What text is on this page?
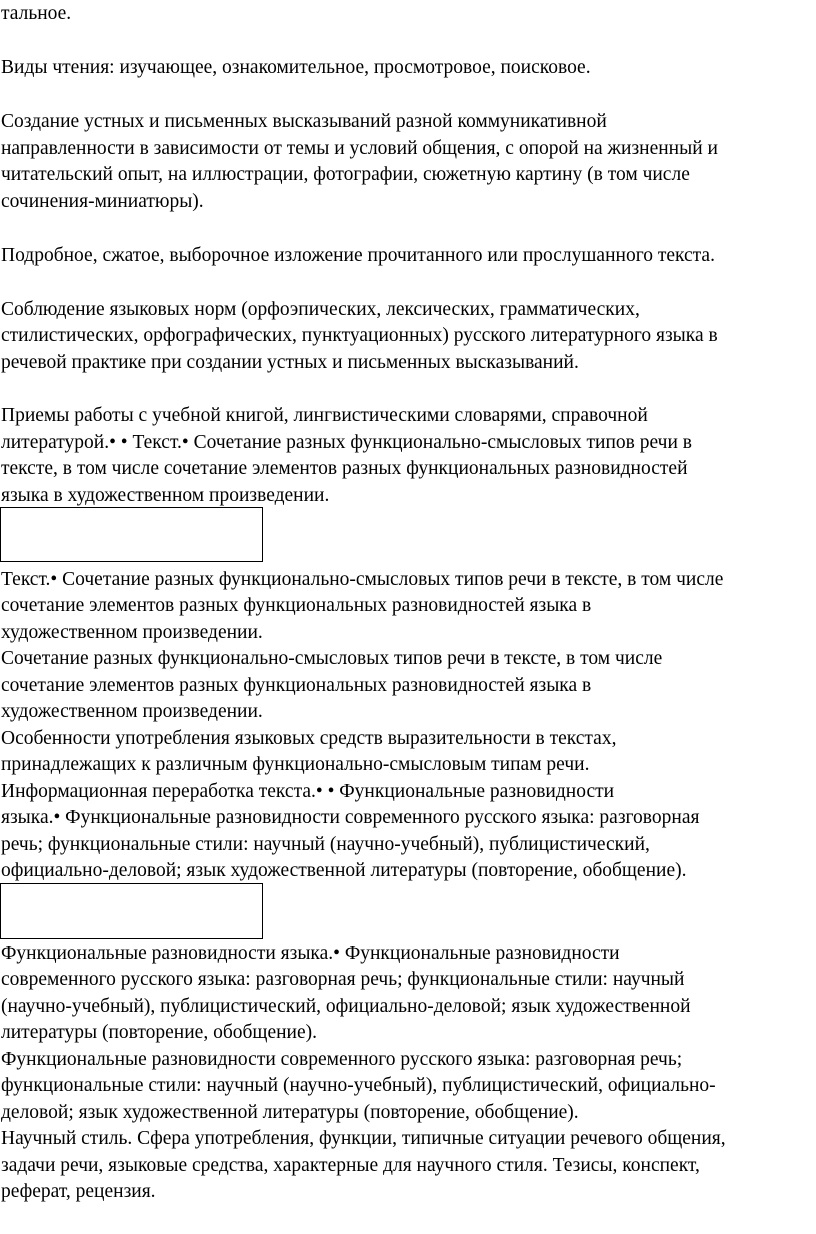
тальное.
Виды чтения: изучающее, ознакомительное, просмотровое, поисковое.
Создание устных и письменных высказываний разной коммуникативной
направленности в зависимости от темы и условий общения, с опорой на жизненный и
читательский опыт, на иллюстрации, фотографии, сюжетную картину (в том числе
сочинения-миниатюры).
Подробное, сжатое, выборочное изложение прочитанного или прослушанного текста.
Соблюдение языковых норм (орфоэпических, лексических, грамматических,
стилистических, орфографических, пунктуационных) русского литературного языка в
речевой практике при создании устных и письменных высказываний.
Приемы работы с учебной книгой, лингвистическими словарями, справочной
литературой.• • Текст.• Сочетание разных функционально-смысловых типов речи в
тексте, в том числе сочетание элементов разных функциональных разновидностей
языка в художественном произведении.
Текст.• Сочетание разных функционально-смысловых типов речи в тексте, в том числе
сочетание элементов разных функциональных разновидностей языка в
художественном произведении.
Сочетание разных функционально-смысловых типов речи в тексте, в том числе
сочетание элементов разных функциональных разновидностей языка в
художественном произведении.
Особенности употребления языковых средств выразительности в текстах,
принадлежащих к различным функционально-смысловым типам речи.
Информационная переработка текста.• • Функциональные разновидности
языка.• Функциональные разновидности современного русского языка: разговорная
речь; функциональные стили: научный (научно-учебный), публицистический,
официально-деловой; язык художественной литературы (повторение, обобщение).
Функциональные разновидности языка.• Функциональные разновидности
современного русского языка: разговорная речь; функциональные стили: научный
(научно-учебный), публицистический, официально-деловой; язык художественной
литературы (повторение, обобщение).
Функциональные разновидности современного русского языка: разговорная речь;
функциональные стили: научный (научно-учебный), публицистический, официально-
деловой; язык художественной литературы (повторение, обобщение).
Научный стиль. Сфера употребления, функции, типичные ситуации речевого общения,
задачи речи, языковые средства, характерные для научного стиля. Тезисы, конспект,
реферат, рецензия.
